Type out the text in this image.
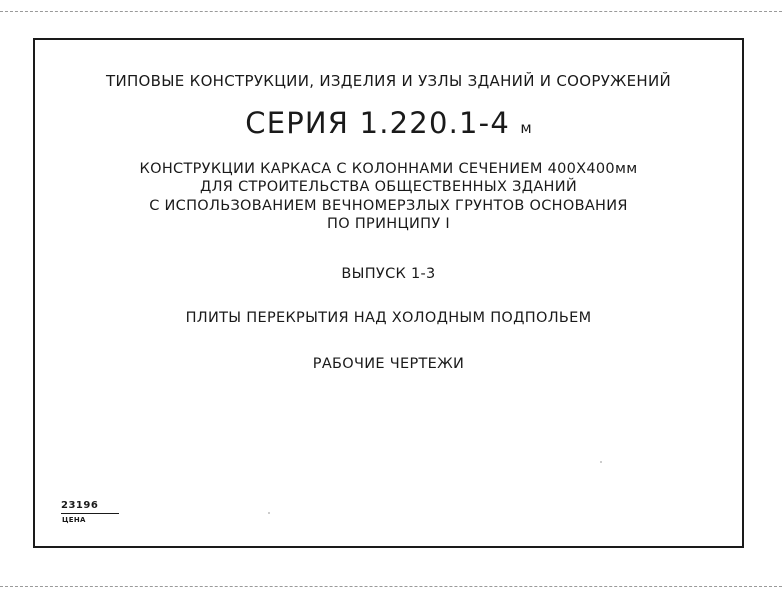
ТИПОВЫЕ КОНСТРУКЦИИ, ИЗДЕЛИЯ И УЗЛЫ ЗДАНИЙ И СООРУЖЕНИЙ
СЕРИЯ 1.220.1-4 м
КОНСТРУКЦИИ КАРКАСА С КОЛОННАМИ СЕЧЕНИЕМ 400Х400мм
ДЛЯ СТРОИТЕЛЬСТВА ОБЩЕСТВЕННЫХ ЗДАНИЙ
С ИСПОЛЬЗОВАНИЕМ ВЕЧНОМЕРЗЛЫХ ГРУНТОВ ОСНОВАНИЯ
ПО ПРИНЦИПУ I
ВЫПУСК 1-3
ПЛИТЫ ПЕРЕКРЫТИЯ НАД ХОЛОДНЫМ ПОДПОЛЬЕМ
РАБОЧИЕ ЧЕРТЕЖИ
23196
ЦЕНА
